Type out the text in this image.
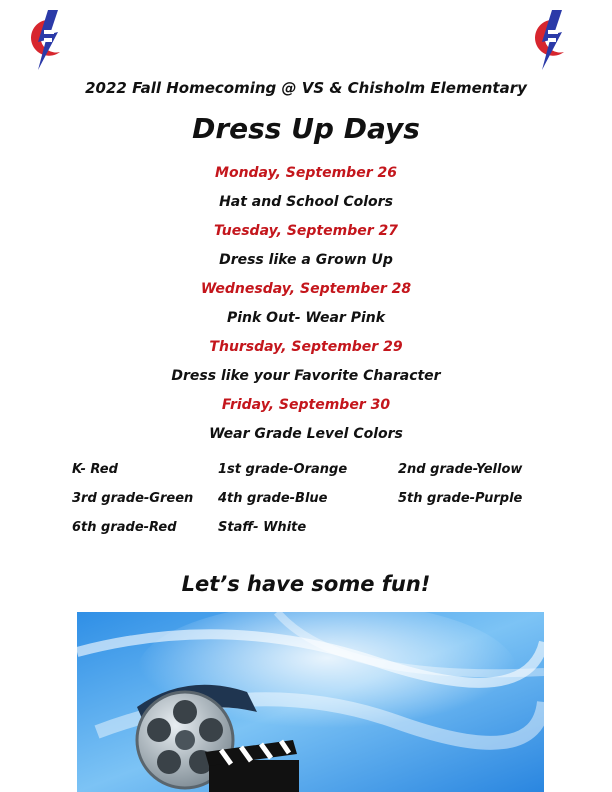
2022 Fall Homecoming @ VS & Chisholm Elementary
Dress Up Days
Monday, September 26
Hat and School Colors
Tuesday, September 27
Dress like a Grown Up
Wednesday, September 28
Pink Out- Wear Pink
Thursday, September 29
Dress like your Favorite Character
Friday, September 30
Wear Grade Level Colors
K- Red	1st grade-Orange	2nd grade-Yellow
3rd grade-Green	4th grade-Blue	5th grade-Purple
6th grade-Red	Staff- White
Let’s have some fun!
